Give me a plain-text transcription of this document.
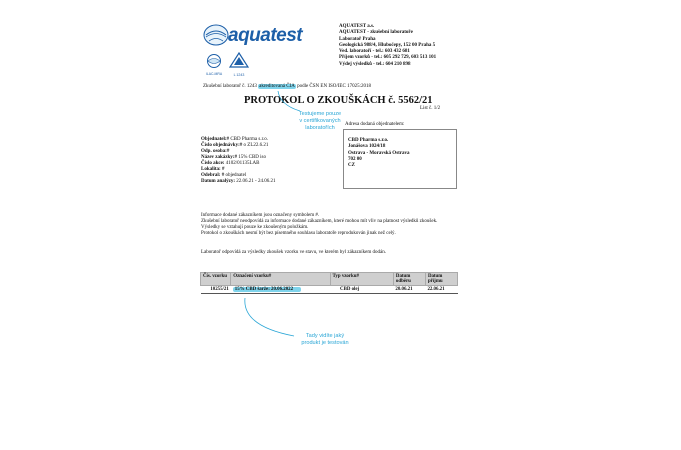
aquatest
ILAC-MRA	L 1243
AQUATEST a.s.
AQUATEST - zkušební laboratoře
Laboratoř Praha
Geologická 988/4, Hlubočepy, 152 00 Praha 5
Ved. laboratoří - tel.: 603 432 681
Příjem vzorků - tel.: 605 292 729, 603 513 101
Výdej výsledků - tel.: 604 210 898
Zkušební laboratoř č. 1243 akreditovaná ČIA podle ČSN EN ISO/IEC 17025:2018
PROTOKOL O ZKOUŠKÁCH č. 5562/21
List č. 1/2
Testujeme pouze
v certifikovaných
laboratořích
Objednatel:# CBD Pharma s.r.o.
Číslo objednávky:# o ZL22.6.21
Odp. osoba:#
Název zakázky:# 15% CBD iso
Číslo akce: 4102/01135LAB
Lokalita: #
Odebral: # objednatel
Datum analýzy: 22.06.21 - 24.06.21
Adresa dodaná objednatelem:
CBD Pharma s.r.o.
Jonášova 1024/18
Ostrava - Moravská Ostrava
702 00
CZ
Informace dodané zákazníkem jsou označeny symbolem #.
Zkušební laboratoř neodpovídá za informace dodané zákazníkem, které mohou mít vliv na platnost výsledků zkoušek.
Výsledky se vztahují pouze ke zkoušeným položkám.
Protokol o zkouškách nesmí být bez písemného souhlasu laboratoře reprodukován jinak než celý.
Laboratoř odpovídá za výsledky zkoušek vzorku ve stavu, ve kterém byl zákazníkem dodán.
Čís. vzorku	Označení vzorku#	Typ vzorku#	Datum odběru	Datum příjmu
10255/21	15% CBD šarže: 20.06.2022	CBD olej	20.06.21	22.06.21
Tady vidíte jaký
produkt je testován
